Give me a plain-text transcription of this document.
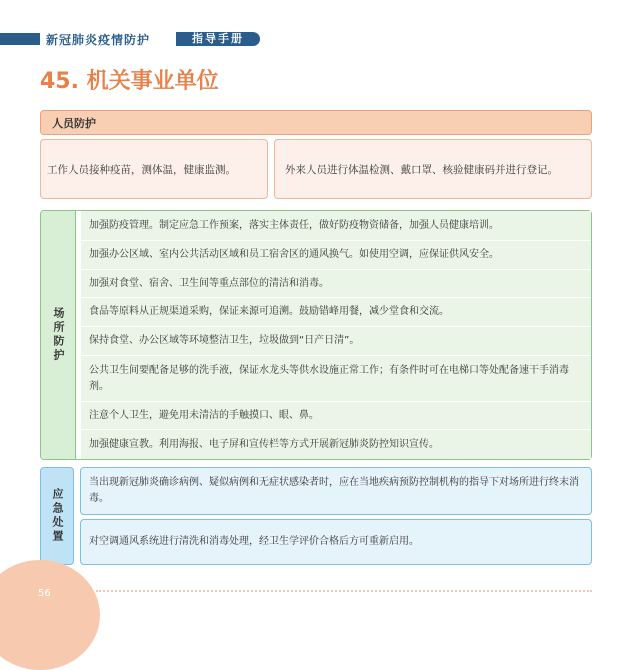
新冠肺炎疫情防护	指导手册
45. 机关事业单位
人员防护
工作人员接种疫苗，测体温，健康监测。	外来人员进行体温检测、戴口罩、核验健康码并进行登记。
场所防护
加强防疫管理。制定应急工作预案，落实主体责任，做好防疫物资储备，加强人员健康培训。
加强办公区域、室内公共活动区域和员工宿舍区的通风换气。如使用空调，应保证供风安全。
加强对食堂、宿舍、卫生间等重点部位的清洁和消毒。
食品等原料从正规渠道采购，保证来源可追溯。鼓励错峰用餐，减少堂食和交流。
保持食堂、办公区域等环境整洁卫生，垃圾做到“日产日清”。
公共卫生间要配备足够的洗手液，保证水龙头等供水设施正常工作；有条件时可在电梯口等处配备速干手消毒剂。
注意个人卫生，避免用未清洁的手触摸口、眼、鼻。
加强健康宣教。利用海报、电子屏和宣传栏等方式开展新冠肺炎防控知识宣传。
应急处置
当出现新冠肺炎确诊病例、疑似病例和无症状感染者时，应在当地疾病预防控制机构的指导下对场所进行终末消毒。
对空调通风系统进行清洗和消毒处理，经卫生学评价合格后方可重新启用。
56
